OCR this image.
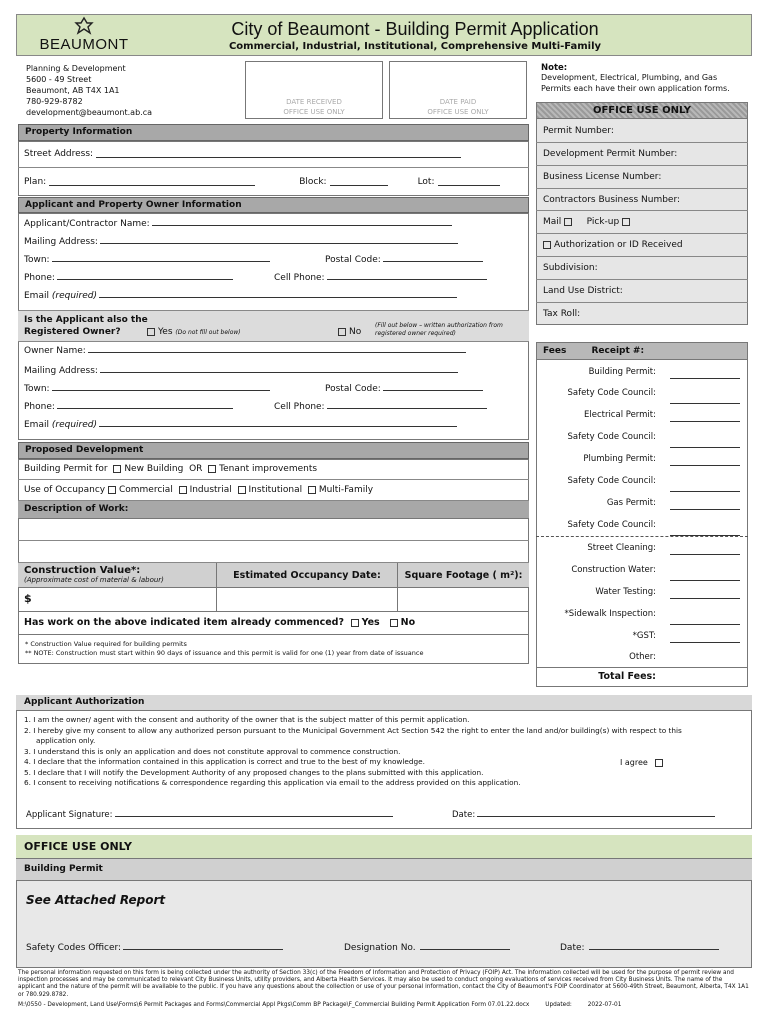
BEAUMONT
City of Beaumont - Building Permit Application
Commercial, Industrial, Institutional, Comprehensive Multi-Family
Planning & Development
5600 - 49 Street
Beaumont, AB T4X 1A1
780-929-8782
development@beaumont.ab.ca
DATE RECEIVED
OFFICE USE ONLY
DATE PAID
OFFICE USE ONLY
Note:
Development, Electrical, Plumbing, and Gas Permits each have their own application forms.
OFFICE USE ONLY
Permit Number:
Development Permit Number:
Business License Number:
Contractors Business Number:
Mail

	Pick-up

Authorization or ID Received
Subdivision:
Land Use District:
Tax Roll:
Property Information
Street Address:
Plan:	Block:	Lot:
Applicant and Property Owner Information
Applicant/Contractor Name:
Mailing Address:
Town:	Postal Code:
Phone:	Cell Phone:
Email (required)
Is the Applicant also the
Registered Owner?	Yes (Do not fill out below)	No
(Fill out below – written authorization from
registered owner required)
Owner Name:
Mailing Address:
Town:	Postal Code:
Phone:	Cell Phone:
Email (required)
Proposed Development
Building Permit for
New Building
OR
Tenant improvements
Use of Occupancy
Commercial
Industrial
Institutional
Multi-Family
Description of Work:
Construction Value*:
(Approximate cost of material & labour)	Estimated Occupancy Date:	Square Footage ( m²):
$
Has work on the above indicated item already commenced? Yes No
* Construction Value required for building permits
** NOTE: Construction must start within 90 days of issuance and this permit is valid for one (1) year from date of issuance
Fees	Receipt #:
Building Permit:
Safety Code Council:
Electrical Permit:
Safety Code Council:
Plumbing Permit:
Safety Code Council:
Gas Permit:
Safety Code Council:
Street Cleaning:
Construction Water:
Water Testing:
*Sidewalk Inspection:
*GST:
Other:
Total Fees:
Applicant Authorization
1. I am the owner/ agent with the consent and authority of the owner that is the subject matter of this permit application.
2. I hereby give my consent to allow any authorized person pursuant to the Municipal Government Act Section 542 the right to enter the land and/or building(s) with respect to this
application only.
3. I understand this is only an application and does not constitute approval to commence construction.
4. I declare that the information contained in this application is correct and true to the best of my knowledge.
5. I declare that I will notify the Development Authority of any proposed changes to the plans submitted with this application.
6. I consent to receiving notifications & correspondence regarding this application via email to the address provided on this application.
I agree
Applicant Signature:	Date:
OFFICE USE ONLY
Building Permit
See Attached Report
Safety Codes Officer:	Designation No.	Date:
The personal information requested on this form is being collected under the authority of Section 33(c) of the Freedom of Information and Protection of Privacy (FOIP) Act. The information collected will be used for the purpose of permit review and inspection processes and may be communicated to relevant City Business Units, utility providers, and Alberta Health Services. It may also be used to conduct ongoing evaluations of services received from City Business Units. The name of the applicant and the nature of the permit will be available to the public. If you have any questions about the collection or use of your personal information, contact the City of Beaumont's FOIP Coordinator at 5600-49th Street, Beaumont, Alberta, T4X 1A1 or 780.929.8782.
M:\0550 - Development, Land Use\Forms\6 Permit Packages and Forms\Commercial Appl Pkgs\Comm BP Package\F_Commercial Building Permit Application Form 07.01.22.docx	Updated:	2022-07-01
